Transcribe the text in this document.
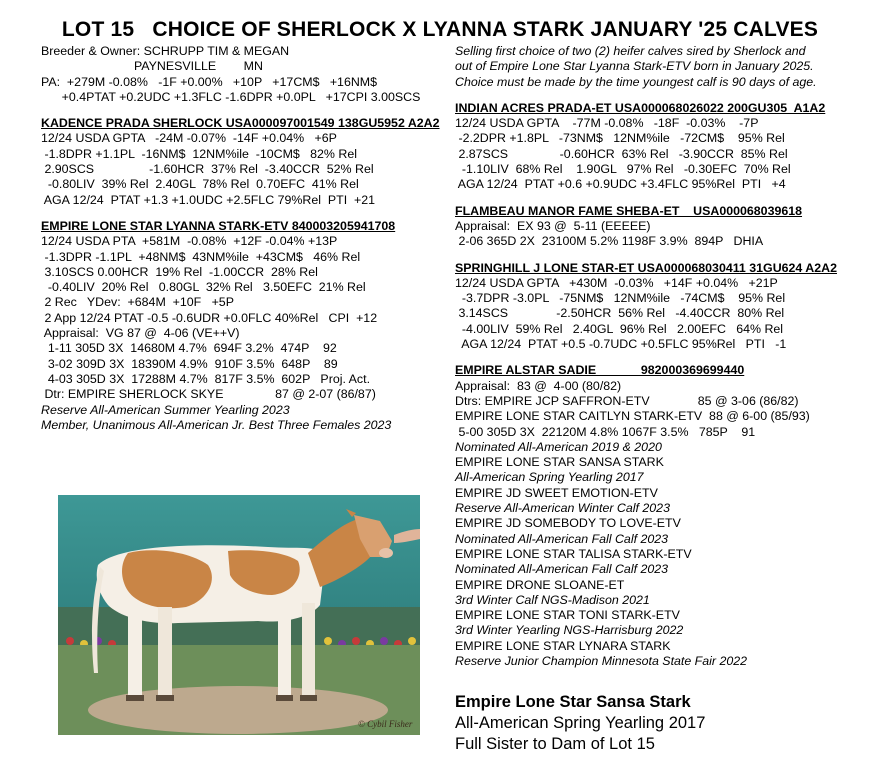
LOT 15   CHOICE OF SHERLOCK X LYANNA STARK JANUARY '25 CALVES
Breeder & Owner: SCHRUPP TIM & MEGAN
PAYNESVILLE        MN
PA:  +279M -0.08%   -1F +0.00%   +10P   +17CM$   +16NM$
+0.4PTAT +0.2UDC +1.3FLC -1.6DPR +0.0PL   +17CPI 3.00SCS
KADENCE PRADA SHERLOCK USA000097001549 138GU5952 A2A2
12/24 USDA GPTA   -24M -0.07%  -14F +0.04%   +6P
-1.8DPR +1.1PL  -16NM$  12NM%ile  -10CM$   82% Rel
2.90SCS                -1.60HCR  37% Rel  -3.40CCR  52% Rel
-0.80LIV  39% Rel  2.40GL  78% Rel  0.70EFC  41% Rel
AGA 12/24  PTAT +1.3 +1.0UDC +2.5FLC 79%Rel  PTI  +21
EMPIRE LONE STAR LYANNA STARK-ETV 840003205941708
12/24 USDA PTA  +581M  -0.08%  +12F -0.04% +13P
-1.3DPR -1.1PL  +48NM$  43NM%ile  +43CM$   46% Rel
3.10SCS 0.00HCR  19% Rel  -1.00CCR  28% Rel
-0.40LIV  20% Rel   0.80GL  32% Rel   3.50EFC  21% Rel
2 Rec   YDev:  +684M  +10F   +5P
2 App 12/24 PTAT -0.5 -0.6UDR +0.0FLC 40%Rel   CPI  +12
Appraisal:  VG 87 @  4-06 (VE++V)
1-11 305D 3X  14680M 4.7%  694F 3.2%  474P    92
3-02 309D 3X  18390M 4.9%  910F 3.5%  648P    89
4-03 305D 3X  17288M 4.7%  817F 3.5%  602P   Proj. Act.
Dtr: EMPIRE SHERLOCK SKYE               87 @ 2-07 (86/87)
Reserve All-American Summer Yearling 2023
Member, Unanimous All-American Jr. Best Three Females 2023
Selling first choice of two (2) heifer calves sired by Sherlock and
out of Empire Lone Star Lyanna Stark-ETV born in January 2025.
Choice must be made by the time youngest calf is 90 days of age.
INDIAN ACRES PRADA-ET USA000068026022 200GU305  A1A2
12/24 USDA GPTA    -77M -0.08%   -18F  -0.03%    -7P
-2.2DPR +1.8PL   -73NM$   12NM%ile   -72CM$    95% Rel
2.87SCS               -0.60HCR  63% Rel   -3.90CCR  85% Rel
-1.10LIV  68% Rel    1.90GL   97% Rel   -0.30EFC  70% Rel
AGA 12/24  PTAT +0.6 +0.9UDC +3.4FLC 95%Rel  PTI   +4
FLAMBEAU MANOR FAME SHEBA-ET    USA000068039618
Appraisal:  EX 93 @  5-11 (EEEEE)
2-06 365D 2X  23100M 5.2% 1198F 3.9%  894P   DHIA
SPRINGHILL J LONE STAR-ET USA000068030411 31GU624 A2A2
12/24 USDA GPTA   +430M  -0.03%   +14F +0.04%   +21P
-3.7DPR -3.0PL   -75NM$   12NM%ile   -74CM$    95% Rel
3.14SCS              -2.50HCR  56% Rel   -4.40CCR  80% Rel
-4.00LIV  59% Rel   2.40GL  96% Rel   2.00EFC   64% Rel
AGA 12/24  PTAT +0.5 -0.7UDC +0.5FLC 95%Rel   PTI   -1
EMPIRE ALSTAR SADIE             982000369699440
Appraisal:  83 @  4-00 (80/82)
Dtrs: EMPIRE JCP SAFFRON-ETV              85 @ 3-06 (86/82)
EMPIRE LONE STAR CAITLYN STARK-ETV  88 @ 6-00 (85/93)
5-00 305D 3X  22120M 4.8% 1067F 3.5%   785P    91
Nominated All-American 2019 & 2020
EMPIRE LONE STAR SANSA STARK
All-American Spring Yearling 2017
EMPIRE JD SWEET EMOTION-ETV
Reserve All-American Winter Calf 2023
EMPIRE JD SOMEBODY TO LOVE-ETV
Nominated All-American Fall Calf 2023
EMPIRE LONE STAR TALISA STARK-ETV
Nominated All-American Fall Calf 2023
EMPIRE DRONE SLOANE-ET
3rd Winter Calf NGS-Madison 2021
EMPIRE LONE STAR TONI STARK-ETV
3rd Winter Yearling NGS-Harrisburg 2022
EMPIRE LONE STAR LYNARA STARK
Reserve Junior Champion Minnesota State Fair 2022
© Cybil Fisher
Empire Lone Star Sansa Stark
All-American Spring Yearling 2017
Full Sister to Dam of Lot 15
